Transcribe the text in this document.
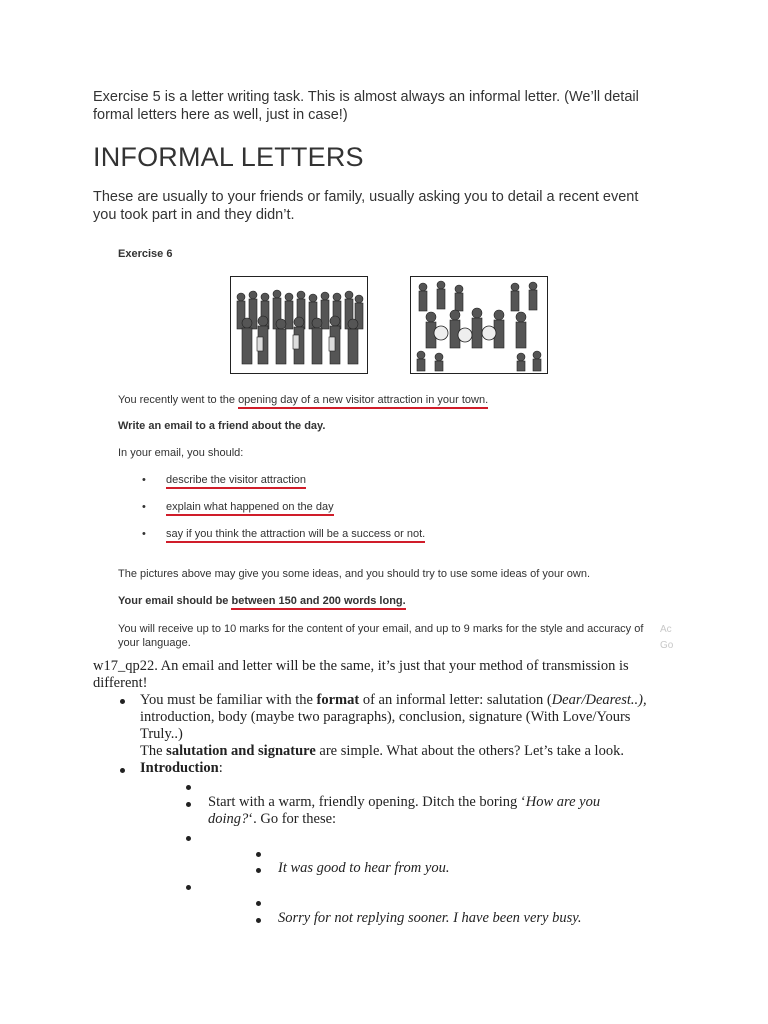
Exercise 5 is a letter writing task. This is almost always an informal letter. (We’ll detail formal letters here as well, just in case!)
INFORMAL LETTERS
These are usually to your friends or family, usually asking you to detail a recent event you took part in and they didn’t.
Exercise 6
You recently went to the opening day of a new visitor attraction in your town.
Write an email to a friend about the day.
In your email, you should:
• describe the visitor attraction
• explain what happened on the day
• say if you think the attraction will be a success or not.
The pictures above may give you some ideas, and you should try to use some ideas of your own.
Your email should be between 150 and 200 words long.
You will receive up to 10 marks for the content of your email, and up to 9 marks for the style and accuracy of your language.
Ac
Go
w17_qp22. An email and letter will be the same, it’s just that your method of transmission is different!
You must be familiar with the format of an informal letter: salutation (Dear/Dearest..), introduction, body (maybe two paragraphs), conclusion, signature (With Love/Yours Truly..)
The salutation and signature are simple. What about the others? Let’s take a look.
Introduction:
Start with a warm, friendly opening. Ditch the boring ‘How are you doing?‘. Go for these:
It was good to hear from you.
Sorry for not replying sooner. I have been very busy.
